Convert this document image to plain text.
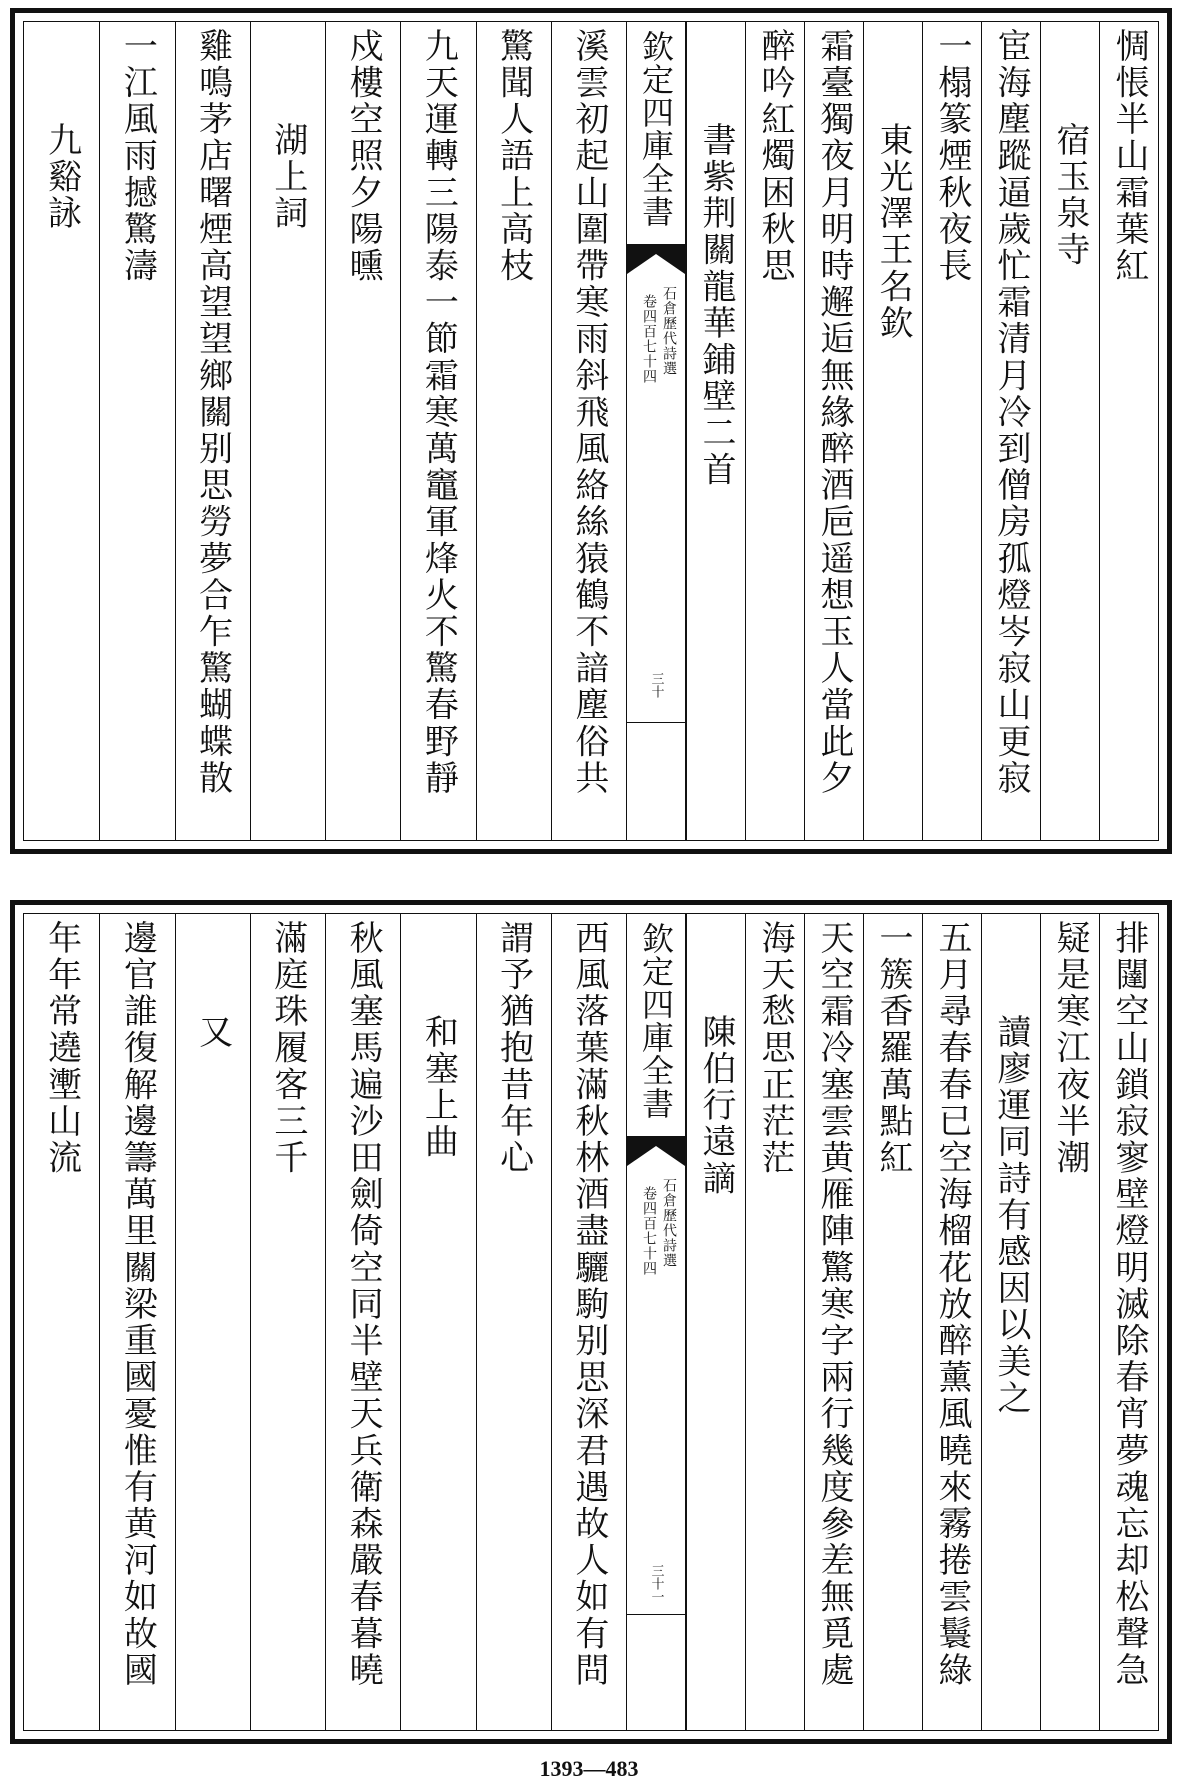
惆悵半山霜葉紅
宿玉泉寺
宦海塵蹤逼歲忙霜清月冷到僧房孤燈岑寂山更寂
一榻篆煙秋夜長
東光澤王名欽
霜臺獨夜月明時邂逅無緣醉酒巵遥想玉人當此夕
醉吟紅燭困秋思
書紫荆關龍華鋪壁二首
欽定四庫全書
石倉歷代詩選
卷四百七十四
三十
溪雲初起山圍帶寒雨斜飛風絡絲猿鶴不諳塵俗共
驚聞人語上高枝
九天運轉三陽泰一節霜寒萬竈軍烽火不驚春野靜
戍樓空照夕陽曛
湖上詞
雞鳴茅店曙煙高望望鄉關别思勞夢合乍驚蝴蝶散
一江風雨撼驚濤
九谿詠
排闥空山鎖寂寥壁燈明滅除春宵夢魂忘却松聲急
疑是寒江夜半潮
讀廖運同詩有感因以美之
五月尋春春已空海榴花放醉薰風曉來霧捲雲鬟綠
一簇香羅萬點紅
天空霜冷塞雲黄雁陣驚寒字兩行幾度參差無覓處
海天愁思正茫茫
陳伯行遠謫
欽定四庫全書
石倉歷代詩選
卷四百七十四
三十一
西風落葉滿秋林酒盡驪駒别思深君遇故人如有問
謂予猶抱昔年心
和塞上曲
秋風塞馬遍沙田劍倚空同半壁天兵衛森嚴春暮曉
滿庭珠履客三千
又
邊官誰復解邊籌萬里關梁重國憂惟有黄河如故國
年年常遶壍山流
1393—483
